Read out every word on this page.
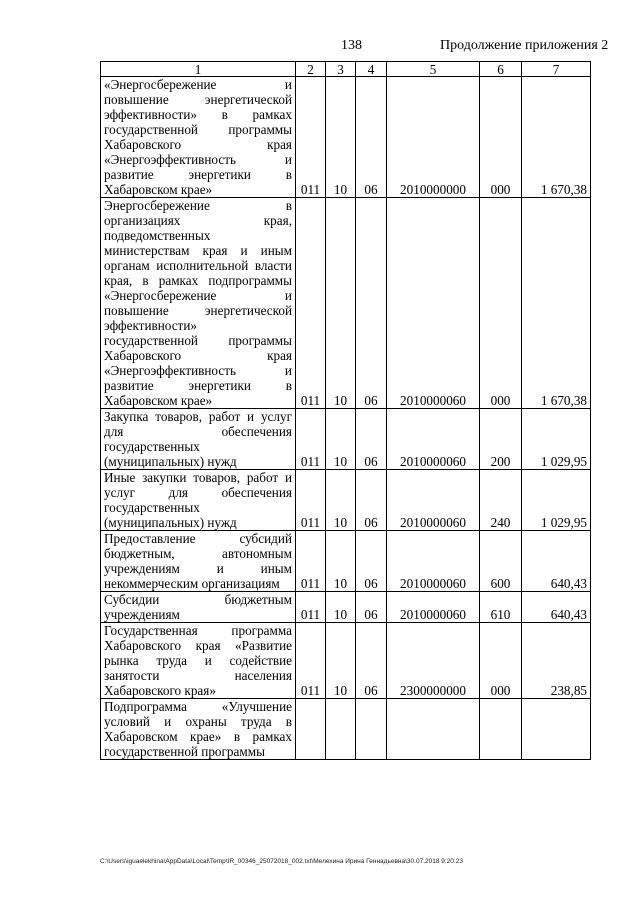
138	Продолжение приложения 2
1	2	3	4	5	6	7
«Энергосбережение и повышение энергетической эффективности» в рамках государственной программы Хабаровского края «Энергоэффективность и развитие энергетики в Хабаровском крае»	011	10	06	2010000000	000	1 670,38
Энергосбережение в организациях края, подведомственных министерствам края и иным органам исполнительной власти края, в рамках подпрограммы «Энергосбережение и повышение энергетической эффективности» государственной программы Хабаровского края «Энергоэффективность и развитие энергетики в Хабаровском крае»	011	10	06	2010000060	000	1 670,38
Закупка товаров, работ и услуг для обеспечения государственных (муниципальных) нужд	011	10	06	2010000060	200	1 029,95
Иные закупки товаров, работ и услуг для обеспечения государственных (муниципальных) нужд	011	10	06	2010000060	240	1 029,95
Предоставление субсидий бюджетным, автономным учреждениям и иным некоммерческим организациям	011	10	06	2010000060	600	640,43
Субсидии бюджетным учреждениям	011	10	06	2010000060	610	640,43
Государственная программа Хабаровского края «Развитие рынка труда и содействие занятости населения Хабаровского края»	011	10	06	2300000000	000	238,85
Подпрограмма «Улучшение условий и охраны труда в Хабаровском крае» в рамках государственной программы						
C:\Users\iguaelekhina\AppData\Local\Temp\IR_00346_25072018_002.txt\Мелехина Ирина Геннадьевна\30.07.2018 9:20:23
